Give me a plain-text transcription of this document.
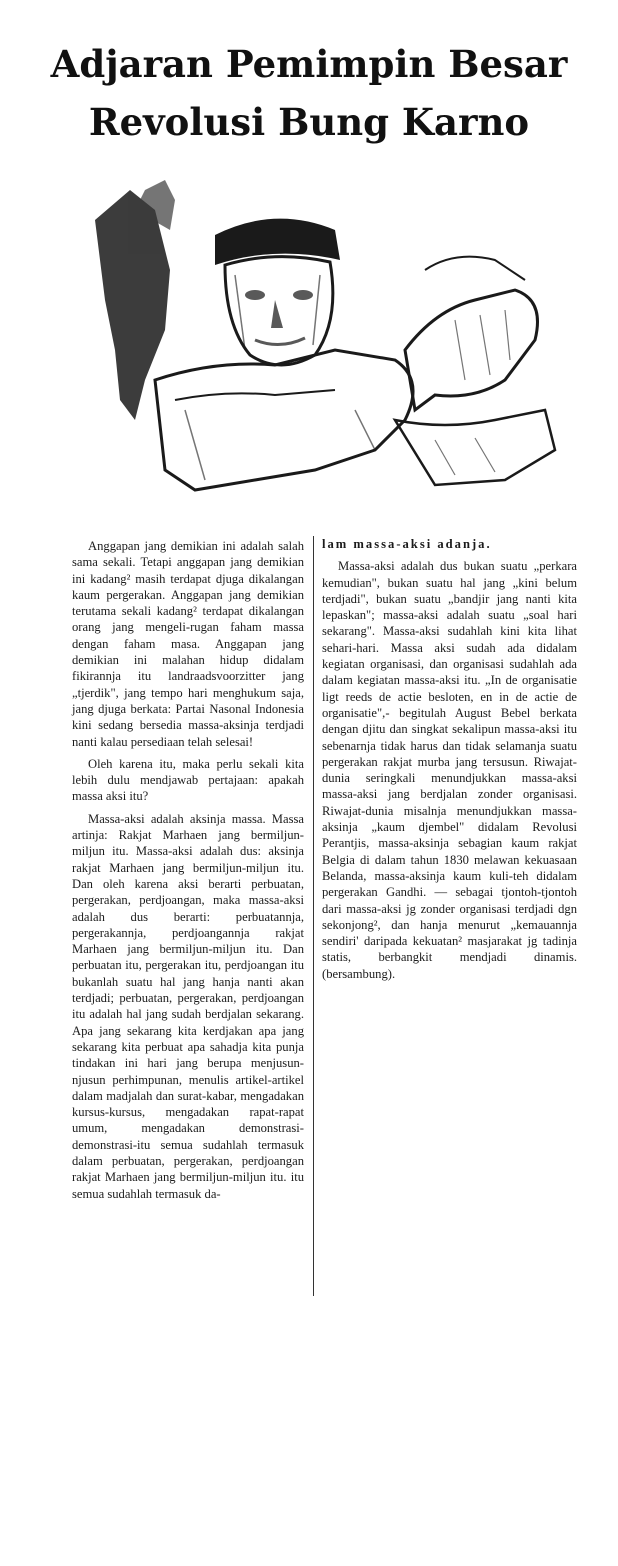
Adjaran Pemimpin Besar
Revolusi Bung Karno

Anggapan jang demikian ini adalah salah sama sekali. Tetapi anggapan jang demikian ini kadang² masih terdapat djuga dikalangan kaum pergerakan. Anggapan jang demikian terutama sekali kadang² terdapat dikalangan orang jang mengeli-rugan faham massa dengan faham masa. Anggapan jang demikian ini malahan hidup didalam fikirannja itu landraadsvoorzitter jang „tjerdik", jang tempo hari menghukum saja, jang djuga berkata: Partai Nasonal Indonesia kini sedang bersedia massa-aksinja terdjadi nanti kalau persediaan telah selesai!

Oleh karena itu, maka perlu sekali kita lebih dulu mendjawab pertajaan: apakah massa aksi itu?

Massa-aksi adalah aksinja massa. Massa artinja: Rakjat Marhaen jang bermiljun-miljun itu. Massa-aksi adalah dus: aksinja rakjat Marhaen jang bermiljun-miljun itu. Dan oleh karena aksi berarti perbuatan, pergerakan, perdjoangan, maka massa-aksi adalah dus berarti: perbuatannja, pergerakannja, perdjoangannja rakjat Marhaen jang bermiljun-miljun itu. Dan perbuatan itu, pergerakan itu, perdjoangan itu bukanlah suatu hal jang hanja nanti akan terdjadi; perbuatan, pergerakan, perdjoangan itu adalah hal jang sudah berdjalan sekarang. Apa jang sekarang kita kerdjakan apa jang sekarang kita perbuat apa sahadja kita punja tindakan ini hari jang berupa menjusun-njusun perhimpunan, menulis artikel-artikel dalam madjalah dan surat-kabar, mengadakan kursus-kursus, mengadakan rapat-rapat umum, mengadakan demonstrasi-demonstrasi-itu semua sudahlah termasuk dalam perbuatan, pergerakan, perdjoangan rakjat Marhaen jang bermiljun-miljun itu. itu semua sudahlah termasuk da-

lam massa-aksi adanja.

Massa-aksi adalah dus bukan suatu „perkara kemudian", bukan suatu hal jang „kini belum terdjadi", bukan suatu „bandjir jang nanti kita lepaskan"; massa-aksi adalah suatu „soal hari sekarang". Massa-aksi sudahlah kini kita lihat sehari-hari. Massa aksi sudah ada didalam kegiatan organisasi, dan organisasi sudahlah ada dalam kegiatan massa-aksi itu. „In de organisatie ligt reeds de actie besloten, en in de actie de organisatie",- begitulah August Bebel berkata dengan djitu dan singkat sekalipun massa-aksi itu sebenarnja tidak harus dan tidak selamanja suatu pergerakan rakjat murba jang tersusun. Riwajat-dunia seringkali menundjukkan massa-aksi massa-aksi jang berdjalan zonder organisasi. Riwajat-dunia misalnja menundjukkan massa-aksinja „kaum djembel" didalam Revolusi Perantjis, massa-aksinja sebagian kaum rakjat Belgia di dalam tahun 1830 melawan kekuasaan Belanda, massa-aksinja kaum kuli-teh didalam pergerakan Gandhi. — sebagai tjontoh-tjontoh dari massa-aksi jg zonder organisasi terdjadi dgn sekonjong², dan hanja menurut „kemauannja sendiri' daripada kekuatan² masjarakat jg tadinja statis, berbangkit mendjadi dinamis. (bersambung).
